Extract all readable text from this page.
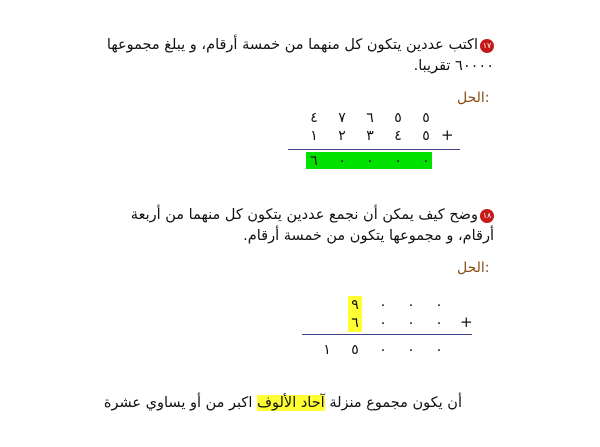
١٧اكتب عددين يتكون كل منهما من خمسة أرقام، و يبلغ مجموعها
٦٠٠٠٠ تقريبا.
الحل:
٤ ٧ ٦ ٥ ٥
١ ٢ ٣ ٤ ٥ +
٦ ٠ ٠ ٠ ٠
١٨وضح كيف يمكن أن نجمع عددين يتكون كل منهما من أربعة
أرقام، و مجموعها يتكون من خمسة أرقام.
الحل:
٩ ٠ ٠ ٠
٦ ٠ ٠ ٠ +
١ ٥ ٠ ٠ ٠
أن يكون مجموع منزلة آحاد الألوف اكبر من أو يساوي عشرة
